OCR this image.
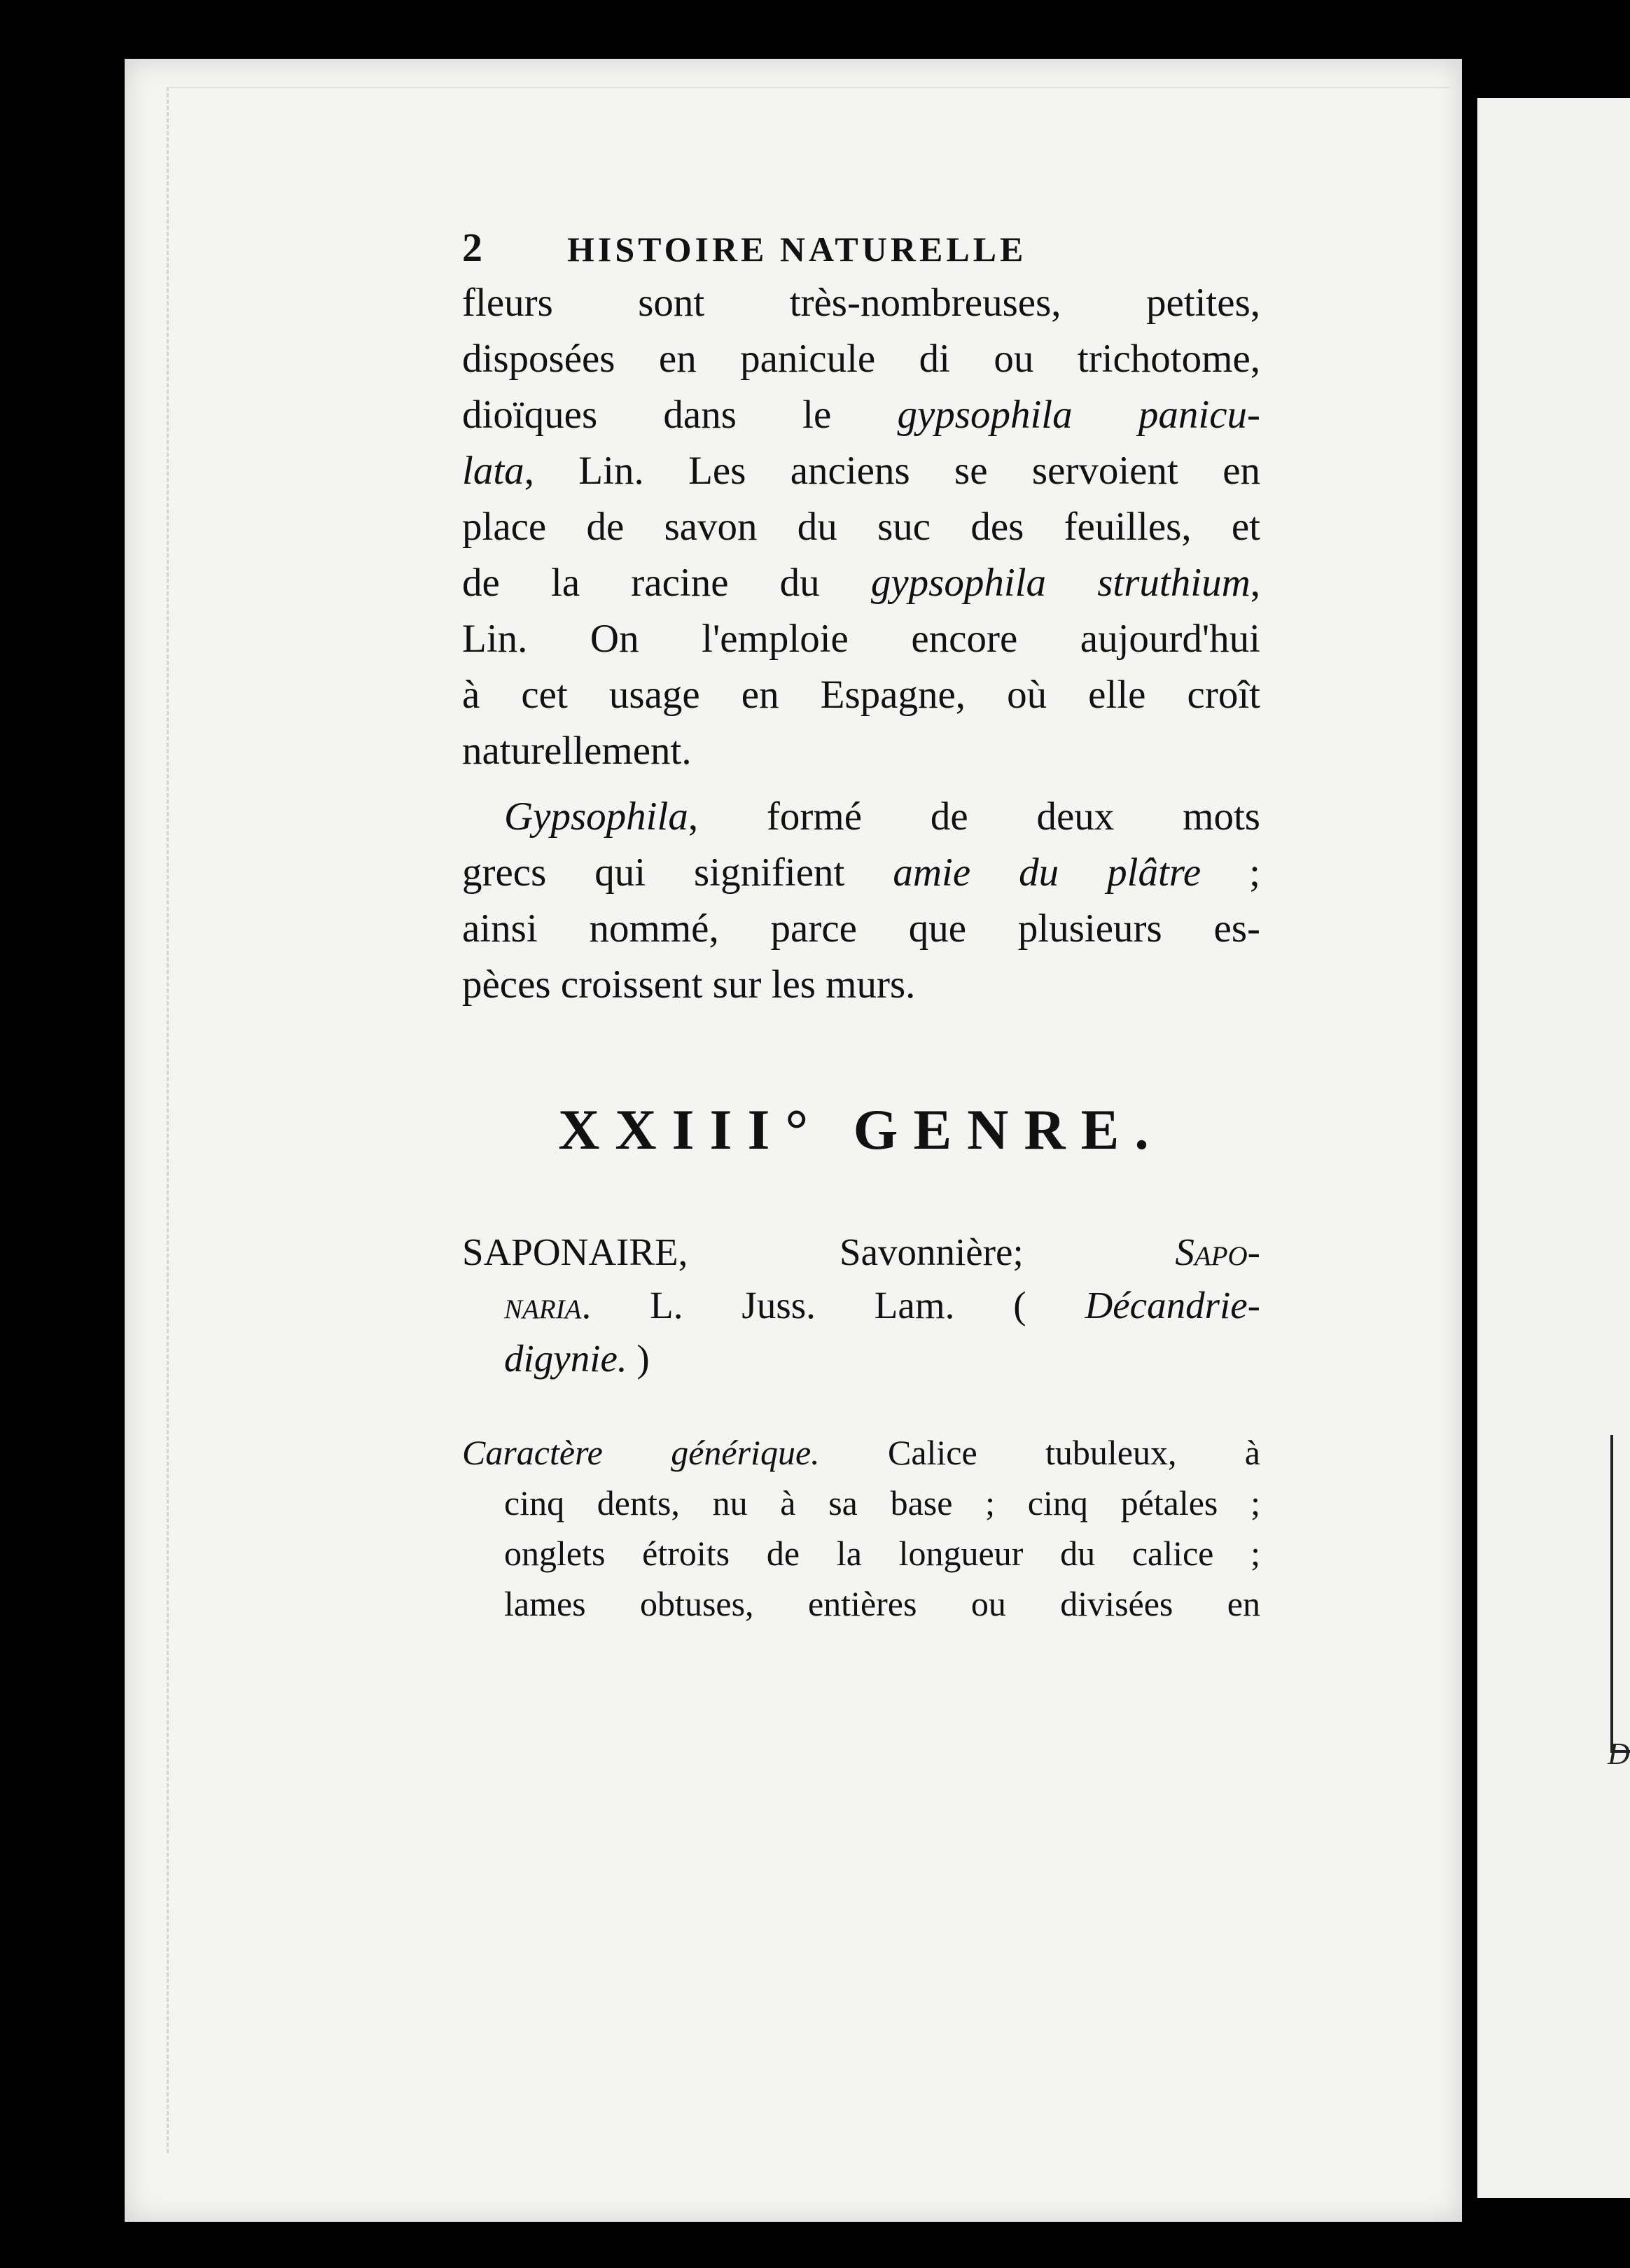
D
2	HISTOIRE NATURELLE
fleurs sont très-nombreuses, petites,
disposées en panicule di ou trichotome,
dioïques dans le gypsophila panicu-
lata, Lin. Les anciens se servoient en
place de savon du suc des feuilles, et
de la racine du gypsophila struthium,
Lin. On l'emploie encore aujourd'hui
à cet usage en Espagne, où elle croît
naturellement.
Gypsophila, formé de deux mots
grecs qui signifient amie du plâtre ;
ainsi nommé, parce que plusieurs es-
pèces croissent sur les murs.
XXIII° GENRE.
SAPONAIRE, Savonnière; Sapo-
naria. L. Juss. Lam. ( Décandrie-
digynie. )
Caractère générique. Calice tubuleux, à
cinq dents, nu à sa base ; cinq pétales ;
onglets étroits de la longueur du calice ;
lames obtuses, entières ou divisées en
